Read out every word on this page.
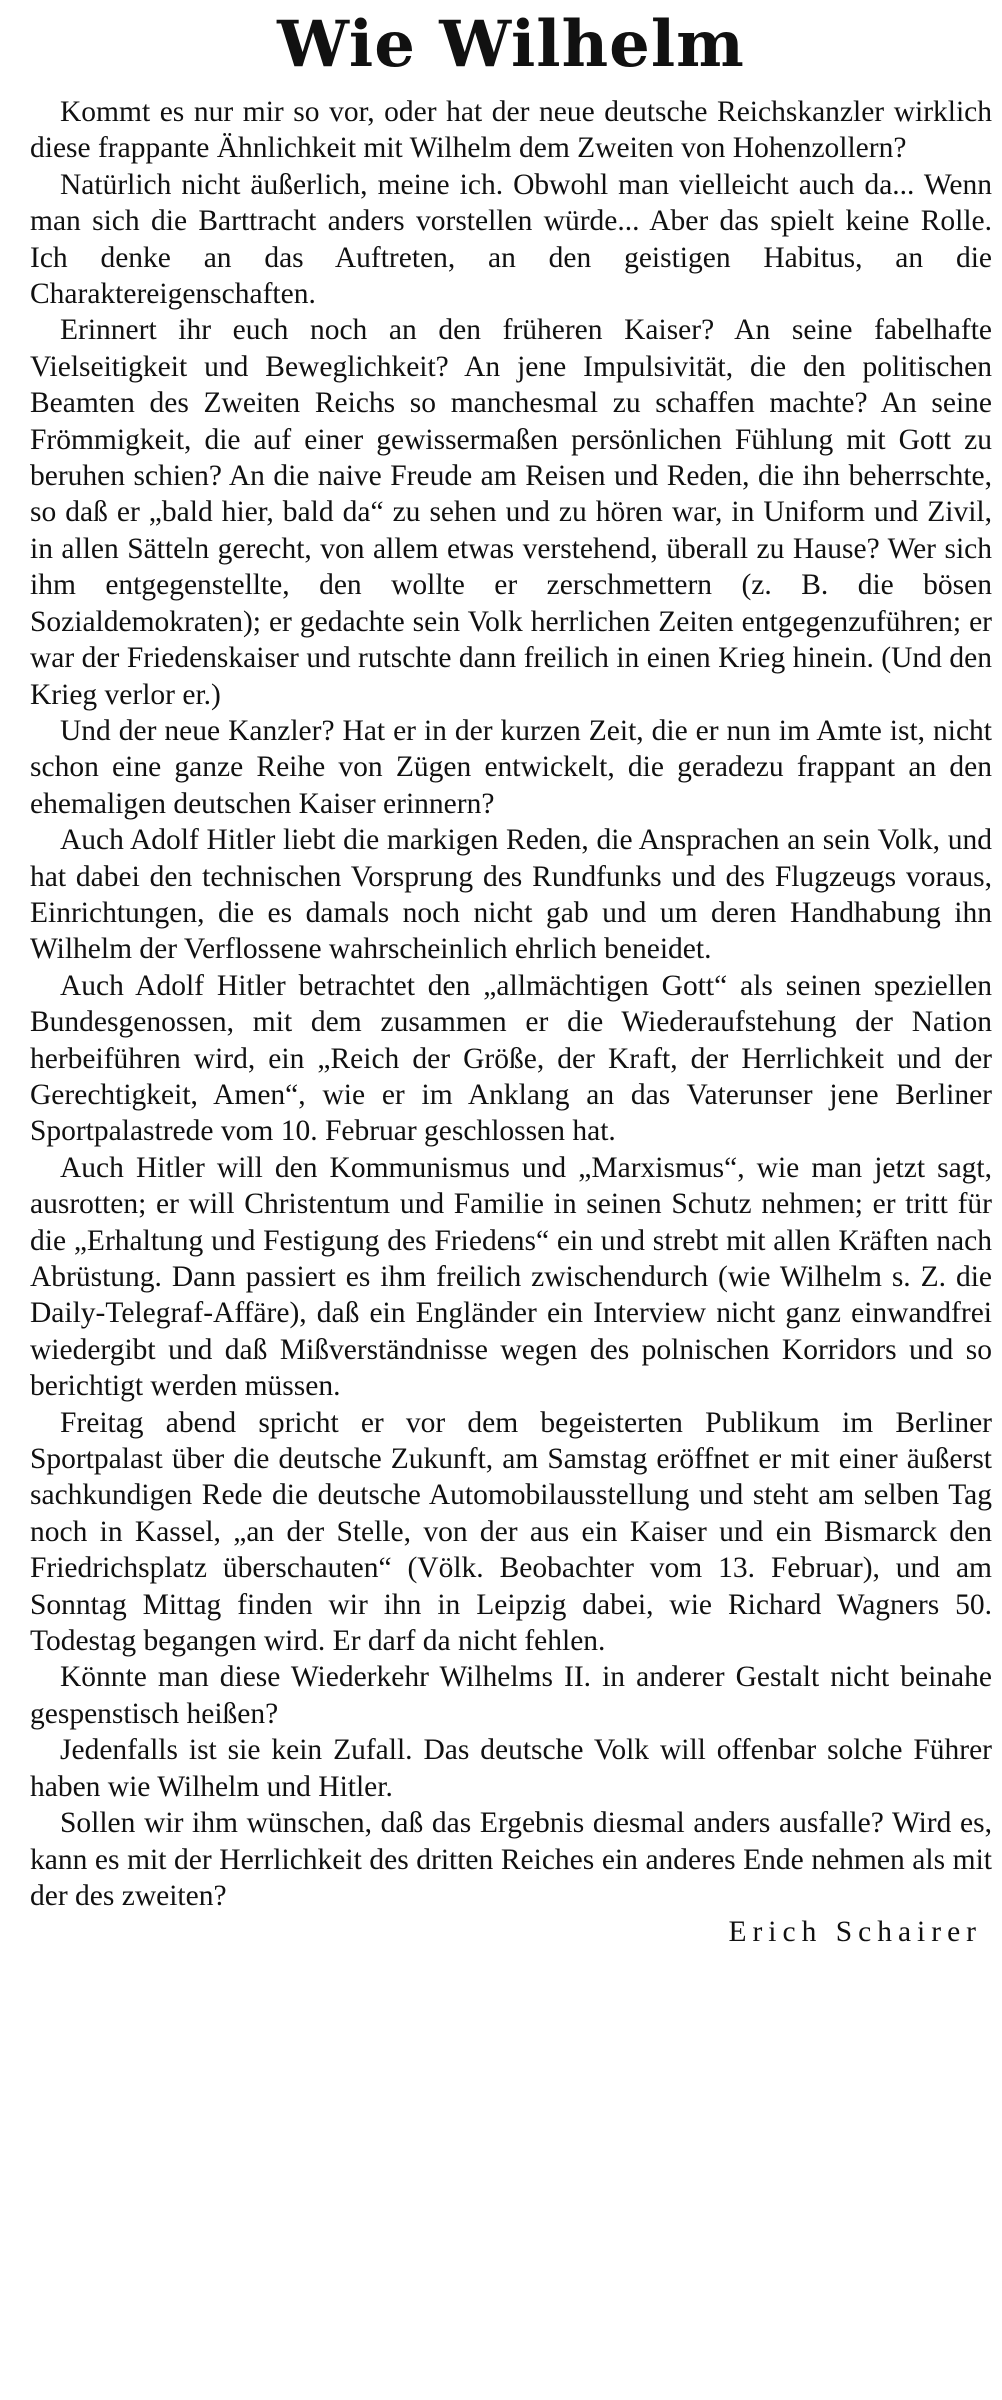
Wie Wilhelm

Kommt es nur mir so vor, oder hat der neue deutsche Reichskanzler wirklich diese frappante Ähnlichkeit mit Wilhelm dem Zweiten von Hohenzollern?

Natürlich nicht äußerlich, meine ich. Obwohl man vielleicht auch da... Wenn man sich die Barttracht anders vorstellen würde... Aber das spielt keine Rolle. Ich denke an das Auftreten, an den geistigen Habitus, an die Charaktereigenschaften.

Erinnert ihr euch noch an den früheren Kaiser? An seine fabelhafte Vielseitigkeit und Beweglichkeit? An jene Impulsivität, die den politischen Beamten des Zweiten Reichs so manchesmal zu schaffen machte? An seine Frömmigkeit, die auf einer gewissermaßen persönlichen Fühlung mit Gott zu beruhen schien? An die naive Freude am Reisen und Reden, die ihn beherrschte, so daß er „bald hier, bald da“ zu sehen und zu hören war, in Uniform und Zivil, in allen Sätteln gerecht, von allem etwas verstehend, überall zu Hause? Wer sich ihm entgegenstellte, den wollte er zerschmettern (z. B. die bösen Sozialdemokraten); er gedachte sein Volk herrlichen Zeiten entgegenzuführen; er war der Friedenskaiser und rutschte dann freilich in einen Krieg hinein. (Und den Krieg verlor er.)

Und der neue Kanzler? Hat er in der kurzen Zeit, die er nun im Amte ist, nicht schon eine ganze Reihe von Zügen entwickelt, die geradezu frappant an den ehemaligen deutschen Kaiser erinnern?

Auch Adolf Hitler liebt die markigen Reden, die Ansprachen an sein Volk, und hat dabei den technischen Vorsprung des Rundfunks und des Flugzeugs voraus, Einrichtungen, die es damals noch nicht gab und um deren Handhabung ihn Wilhelm der Verflossene wahrscheinlich ehrlich beneidet.

Auch Adolf Hitler betrachtet den „allmächtigen Gott“ als seinen speziellen Bundesgenossen, mit dem zusammen er die Wiederaufstehung der Nation herbeiführen wird, ein „Reich der Größe, der Kraft, der Herrlichkeit und der Gerechtigkeit, Amen“, wie er im Anklang an das Vaterunser jene Berliner Sportpalastrede vom 10. Februar geschlossen hat.

Auch Hitler will den Kommunismus und „Marxismus“, wie man jetzt sagt, ausrotten; er will Christentum und Familie in seinen Schutz nehmen; er tritt für die „Erhaltung und Festigung des Friedens“ ein und strebt mit allen Kräften nach Abrüstung. Dann passiert es ihm freilich zwischendurch (wie Wilhelm s. Z. die Daily-Telegraf-Affäre), daß ein Engländer ein Interview nicht ganz einwandfrei wiedergibt und daß Mißverständnisse wegen des polnischen Korridors und so berichtigt werden müssen.

Freitag abend spricht er vor dem begeisterten Publikum im Berliner Sportpalast über die deutsche Zukunft, am Samstag eröffnet er mit einer äußerst sachkundigen Rede die deutsche Automobilausstellung und steht am selben Tag noch in Kassel, „an der Stelle, von der aus ein Kaiser und ein Bismarck den Friedrichsplatz überschauten“ (Völk. Beobachter vom 13. Februar), und am Sonntag Mittag finden wir ihn in Leipzig dabei, wie Richard Wagners 50. Todestag begangen wird. Er darf da nicht fehlen.

Könnte man diese Wiederkehr Wilhelms II. in anderer Gestalt nicht beinahe gespenstisch heißen?

Jedenfalls ist sie kein Zufall. Das deutsche Volk will offenbar solche Führer haben wie Wilhelm und Hitler.

Sollen wir ihm wünschen, daß das Ergebnis diesmal anders ausfalle? Wird es, kann es mit der Herrlichkeit des dritten Reiches ein anderes Ende nehmen als mit der des zweiten?

Erich Schairer
